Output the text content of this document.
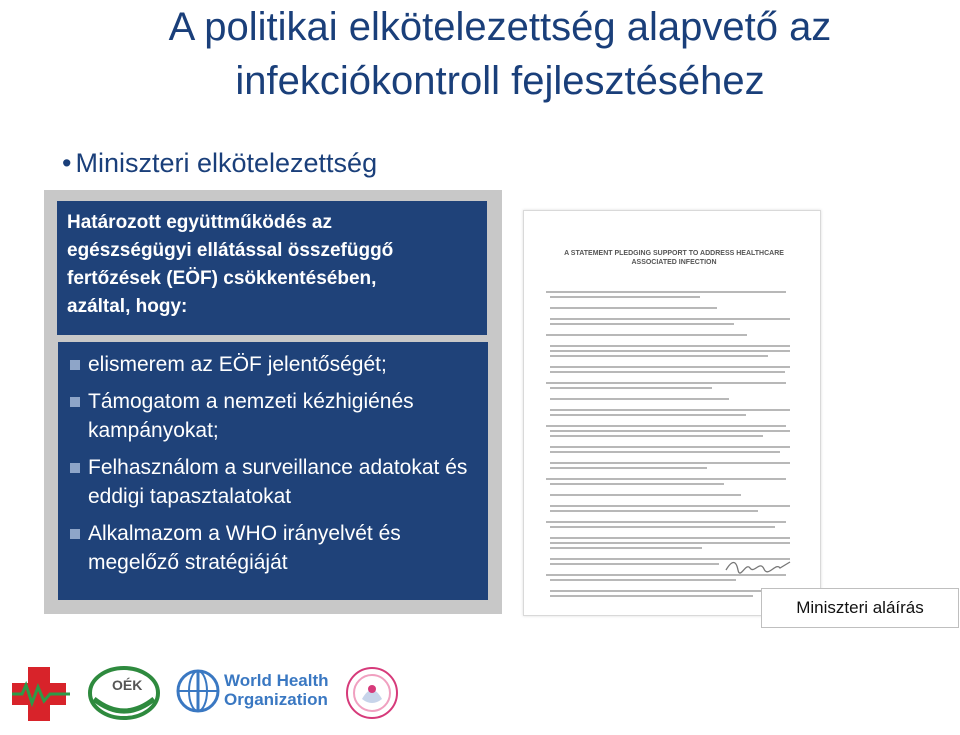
A politikai elkötelezettség alapvető az
infekciókontroll fejlesztéséhez
• Miniszteri elkötelezettség
Határozott együttműködés az
egészségügyi ellátással összefüggő
fertőzések (EÖF) csökkentésében,
azáltal, hogy:
elismerem az EÖF jelentőségét;
Támogatom a nemzeti kézhigiénés kampányokat;
Felhasználom a surveillance adatokat és eddigi tapasztalatokat
Alkalmazom a WHO irányelvét és megelőző stratégiáját
A STATEMENT PLEDGING SUPPORT TO ADDRESS HEALTHCARE
ASSOCIATED INFECTION
Miniszteri aláírás
OÉK	World Health
Organization
